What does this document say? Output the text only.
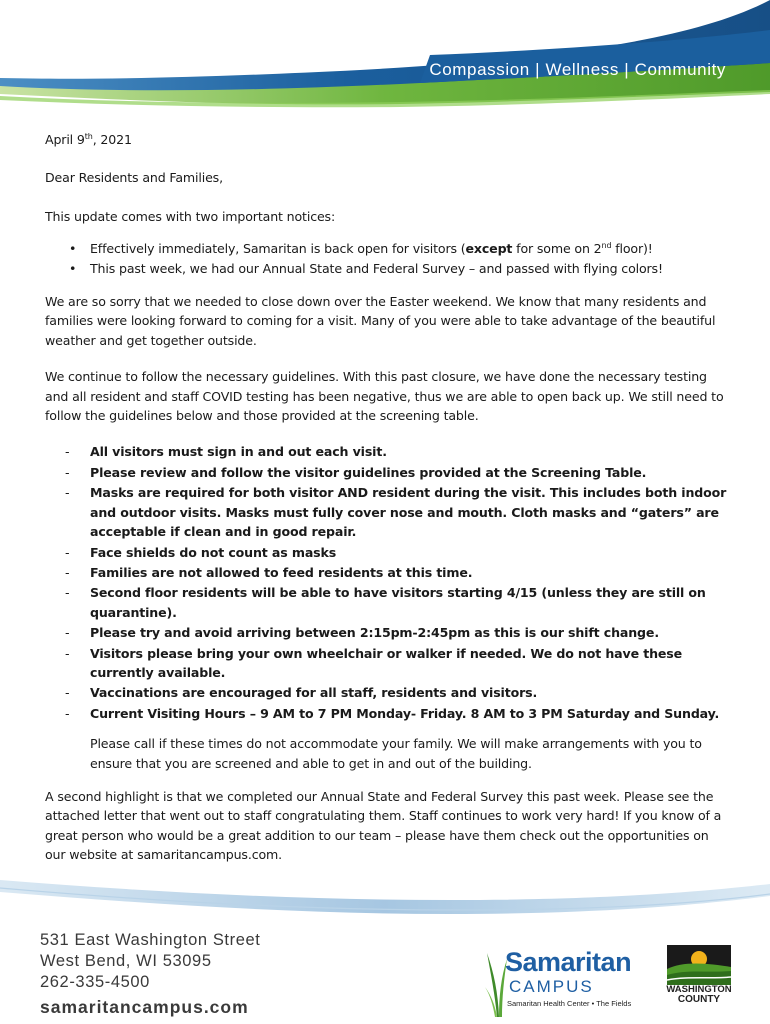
Compassion | Wellness | Community

April 9th, 2021

Dear Residents and Families,

This update comes with two important notices:

• Effectively immediately, Samaritan is back open for visitors (except for some on 2nd floor)!
• This past week, we had our Annual State and Federal Survey – and passed with flying colors!

We are so sorry that we needed to close down over the Easter weekend. We know that many residents and families were looking forward to coming for a visit. Many of you were able to take advantage of the beautiful weather and get together outside.

We continue to follow the necessary guidelines. With this past closure, we have done the necessary testing and all resident and staff COVID testing has been negative, thus we are able to open back up. We still need to follow the guidelines below and those provided at the screening table.

- All visitors must sign in and out each visit.
- Please review and follow the visitor guidelines provided at the Screening Table.
- Masks are required for both visitor AND resident during the visit. This includes both indoor and outdoor visits. Masks must fully cover nose and mouth. Cloth masks and “gaters” are acceptable if clean and in good repair.
- Face shields do not count as masks
- Families are not allowed to feed residents at this time.
- Second floor residents will be able to have visitors starting 4/15 (unless they are still on quarantine).
- Please try and avoid arriving between 2:15pm-2:45pm as this is our shift change.
- Visitors please bring your own wheelchair or walker if needed. We do not have these currently available.
- Vaccinations are encouraged for all staff, residents and visitors.
- Current Visiting Hours – 9 AM to 7 PM Monday- Friday. 8 AM to 3 PM Saturday and Sunday.

Please call if these times do not accommodate your family. We will make arrangements with you to ensure that you are screened and able to get in and out of the building.

A second highlight is that we completed our Annual State and Federal Survey this past week. Please see the attached letter that went out to staff congratulating them. Staff continues to work very hard! If you know of a great person who would be a great addition to our team – please have them check out the opportunities on our website at samaritancampus.com.

531 East Washington Street
West Bend, WI 53095
262-335-4500
samaritancampus.com
Samaritan
CAMPUS
Samaritan Health Center • The Fields
WASHINGTON
COUNTY
